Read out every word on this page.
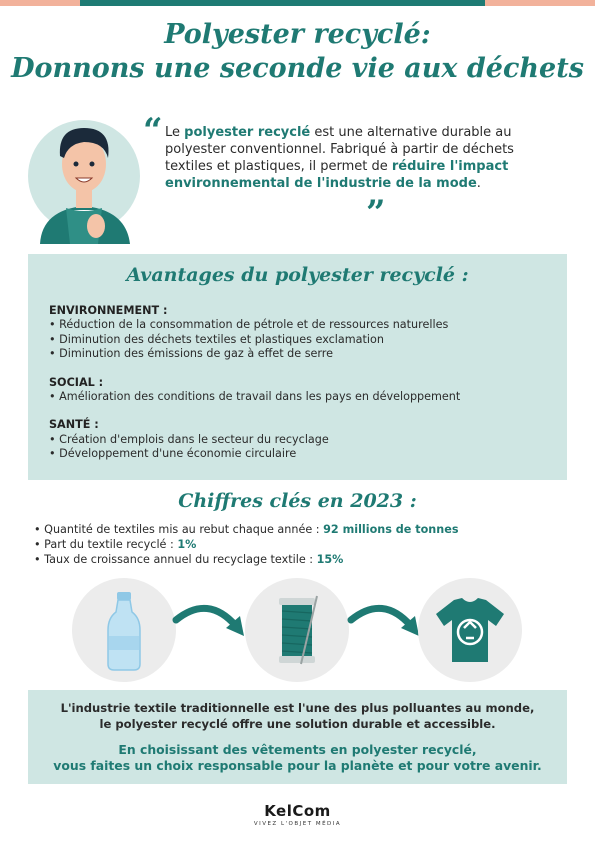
Polyester recyclé:
Donnons une seconde vie aux déchets
“ Le polyester recyclé est une alternative durable au polyester conventionnel. Fabriqué à partir de déchets textiles et plastiques, il permet de réduire l'impact environnemental de l'industrie de la mode.
”
Avantages du polyester recyclé :
ENVIRONNEMENT :
• Réduction de la consommation de pétrole et de ressources naturelles
• Diminution des déchets textiles et plastiques exclamation
• Diminution des émissions de gaz à effet de serre
SOCIAL :
• Amélioration des conditions de travail dans les pays en développement
SANTÉ :
• Création d'emplois dans le secteur du recyclage
• Développement d'une économie circulaire
Chiffres clés en 2023 :
• Quantité de textiles mis au rebut chaque année : 92 millions de tonnes
• Part du textile recyclé : 1%
• Taux de croissance annuel du recyclage textile : 15%
L'industrie textile traditionnelle est l'une des plus polluantes au monde,
le polyester recyclé offre une solution durable et accessible.
En choisissant des vêtements en polyester recyclé,
vous faites un choix responsable pour la planète et pour votre avenir.
KelCom
VIVEZ L'OBJET MÉDIA
